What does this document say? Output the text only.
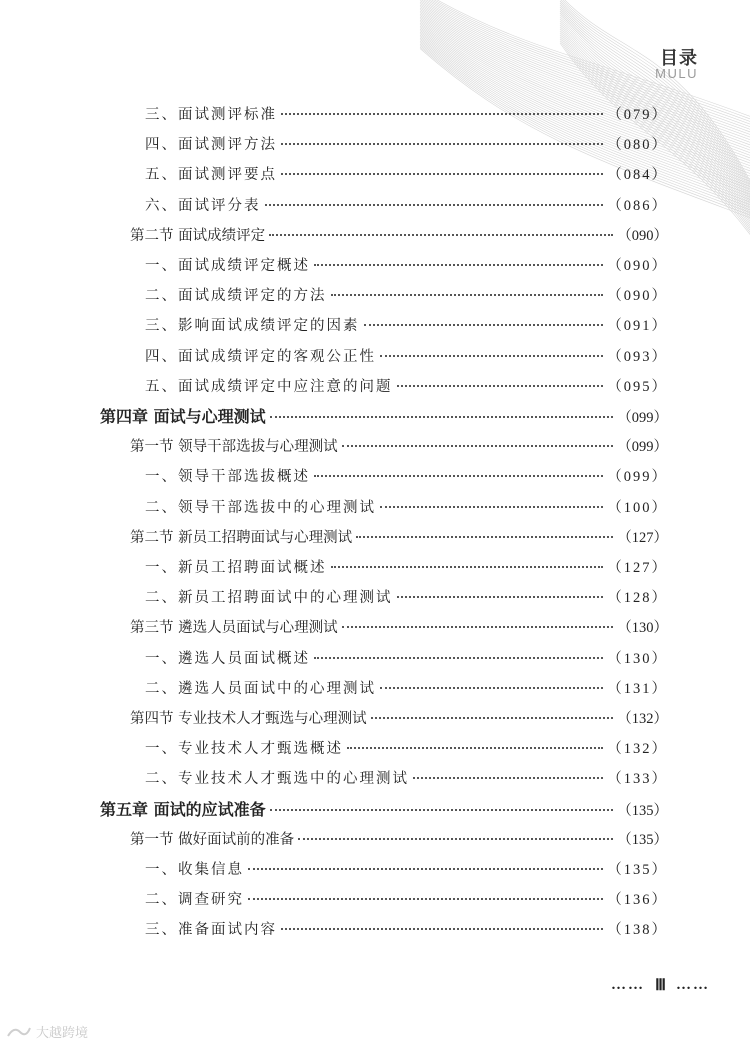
目录
MULU
三、面试测评标准	（079）
四、面试测评方法	（080）
五、面试测评要点	（084）
六、面试评分表	（086）
第二节 面试成绩评定	（090）
一、面试成绩评定概述	（090）
二、面试成绩评定的方法	（090）
三、影响面试成绩评定的因素	（091）
四、面试成绩评定的客观公正性	（093）
五、面试成绩评定中应注意的问题	（095）
第四章 面试与心理测试	（099）
第一节 领导干部选拔与心理测试	（099）
一、领导干部选拔概述	（099）
二、领导干部选拔中的心理测试	（100）
第二节 新员工招聘面试与心理测试	（127）
一、新员工招聘面试概述	（127）
二、新员工招聘面试中的心理测试	（128）
第三节 遴选人员面试与心理测试	（130）
一、遴选人员面试概述	（130）
二、遴选人员面试中的心理测试	（131）
第四节 专业技术人才甄选与心理测试	（132）
一、专业技术人才甄选概述	（132）
二、专业技术人才甄选中的心理测试	（133）
第五章 面试的应试准备	（135）
第一节 做好面试前的准备	（135）
一、收集信息	（135）
二、调查研究	（136）
三、准备面试内容	（138）
…… Ⅲ ……
大越跨境
